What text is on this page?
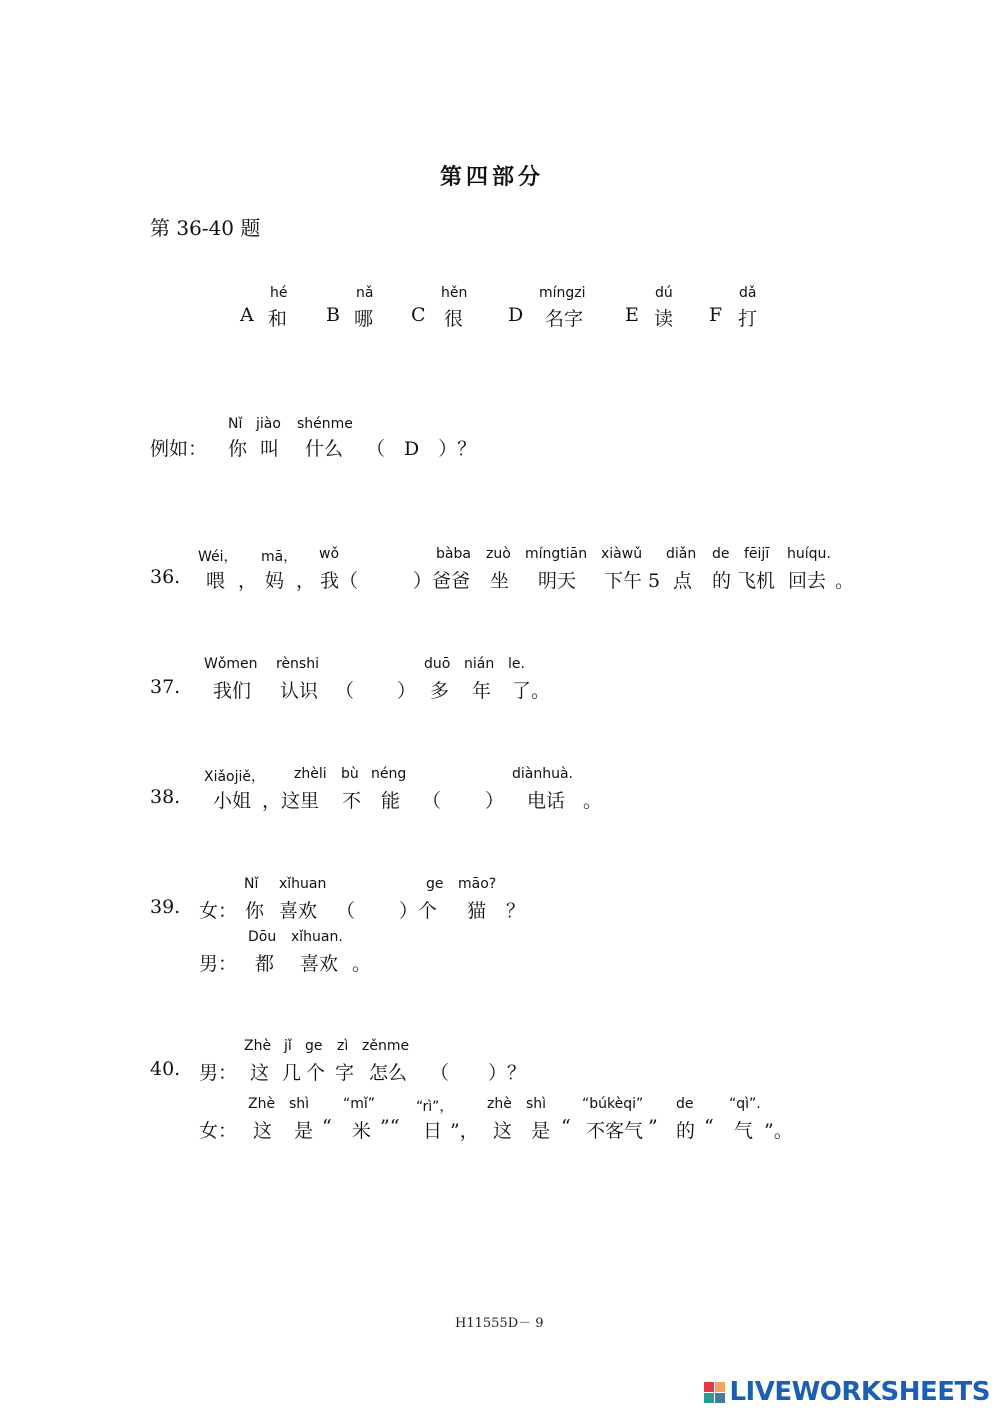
第四部分
第 36-40 题
hé
A 和
nǎ
B 哪
hěn
C 很
míngzi
D 名字
dú
E 读
dǎ
F 打
Nǐ jiào shénme
例如： 你 叫 什么 （　D　）？
Wéi， mā， wǒ	bàba zuò míngtiān xiàwǔ diǎn de fēijī huíqu.
36. 喂 ， 妈 ， 我（	）爸爸 坐 明天 下午 5 点 的 飞机 回去 。
Wǒmen rènshi	duō nián le.
37. 我们 认识 （ ） 多 年 了。
Xiǎojiě， zhèli bù néng	diànhuà.
38. 小姐 ，这里 不 能 （ ） 电话 。
Nǐ xǐhuan	ge māo?
39. 女： 你 喜欢 （ ）个 猫 ？
Dōu xǐhuan.
男： 都 喜欢 。
Zhè jǐ ge zì zěnme
40. 男： 这 几 个 字 怎么 （ ）？
Zhè shì “mǐ”	“rì”， zhè shì	“búkèqi” de	“qì”.
女： 这 是 “ 米 ”“ 日 ”， 这 是 “ 不客气 ” 的 “ 气 ”。
H11555D－ 9
LIVEWORKSHEETS
